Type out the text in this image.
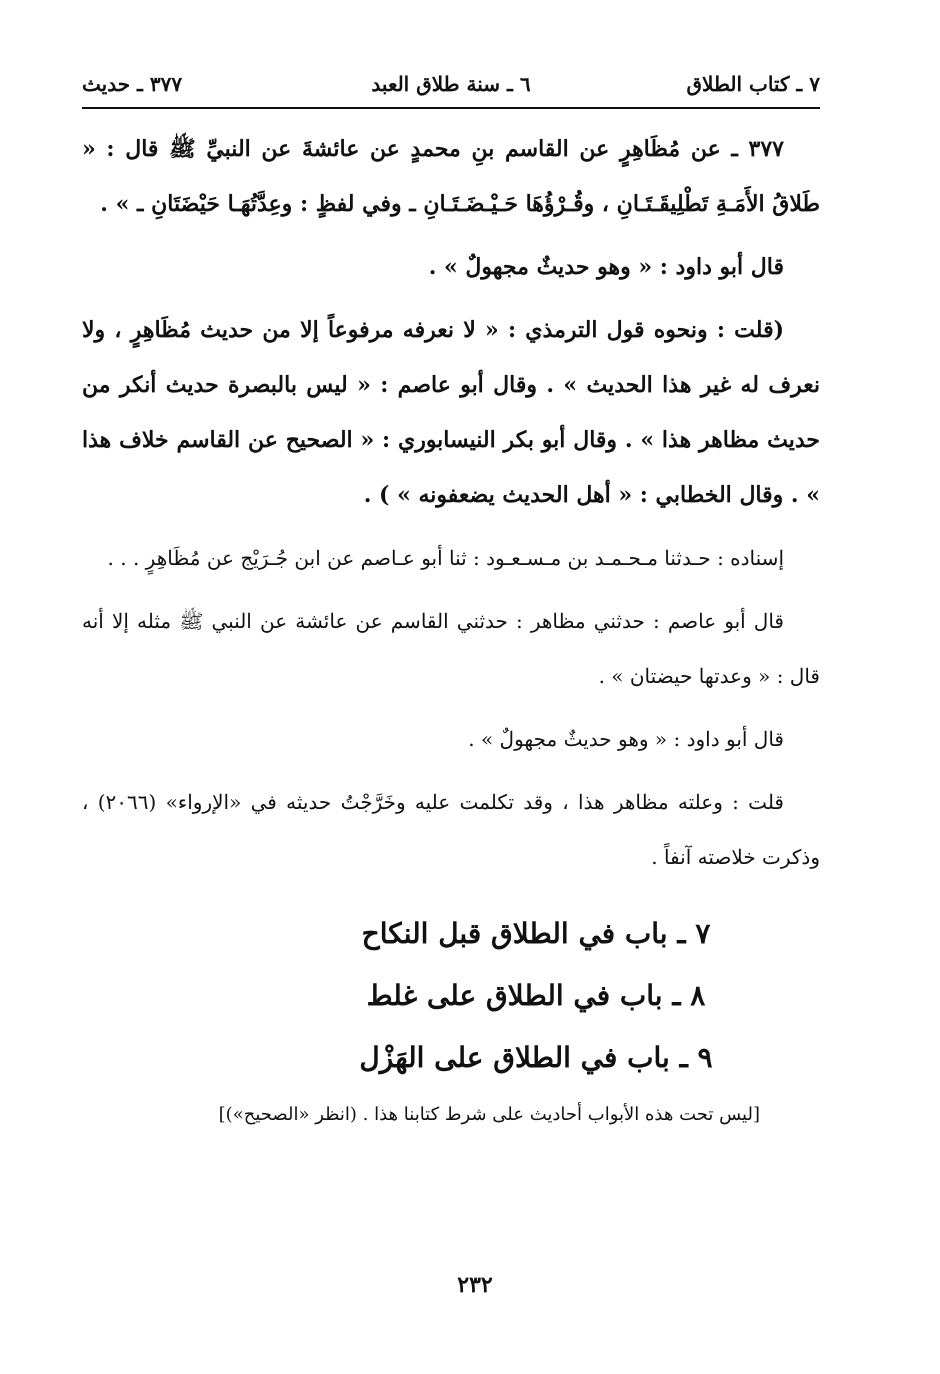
٧ ـ كتاب الطلاق
٦ ـ سنة طلاق العبد
٣٧٧ ـ حديث

٣٧٧ ـ عن مُظَاهِرٍ عن القاسم بنِ محمدٍ عن عائشةَ عن النبيِّ ﷺ قال : « طَلاقُ الأَمَـةِ تَطْلِيقَـتَـانِ ، وقُـرْؤُهَا حَـيْـضَـتَـانِ ـ وفي لفظٍ : وعِدَّتُهَـا حَيْضَتَانِ ـ » .

قال أبو داود : « وهو حديثٌ مجهولٌ » .

(قلت : ونحوه قول الترمذي : « لا نعرفه مرفوعاً إلا من حديث مُظَاهِرٍ ، ولا نعرف له غير هذا الحديث » . وقال أبو عاصم : « ليس بالبصرة حديث أنكر من حديث مظاهر هذا » . وقال أبو بكر النيسابوري : « الصحيح عن القاسم خلاف هذا » . وقال الخطابي : « أهل الحديث يضعفونه » ) .

إسناده : حـدثنا مـحـمـد بن مـسـعـود : ثنا أبو عـاصم عن ابن جُـرَيْج عن مُظَاهِرٍ . . .

قال أبو عاصم : حدثني مظاهر : حدثني القاسم عن عائشة عن النبي ﷺ مثله إلا أنه قال : « وعدتها حيضتان » .

قال أبو داود : « وهو حديثٌ مجهولٌ » .

قلت : وعلته مظاهر هذا ، وقد تكلمت عليه وخَرَّجْتُ حديثه في «الإرواء» (٢٠٦٦) ، وذكرت خلاصته آنفاً .

٧ ـ باب في الطلاق قبل النكاح
٨ ـ باب في الطلاق على غلط
٩ ـ باب في الطلاق على الهَزْل
[ليس تحت هذه الأبواب أحاديث على شرط كتابنا هذا . (انظر «الصحيح»)]
٢٣٢
